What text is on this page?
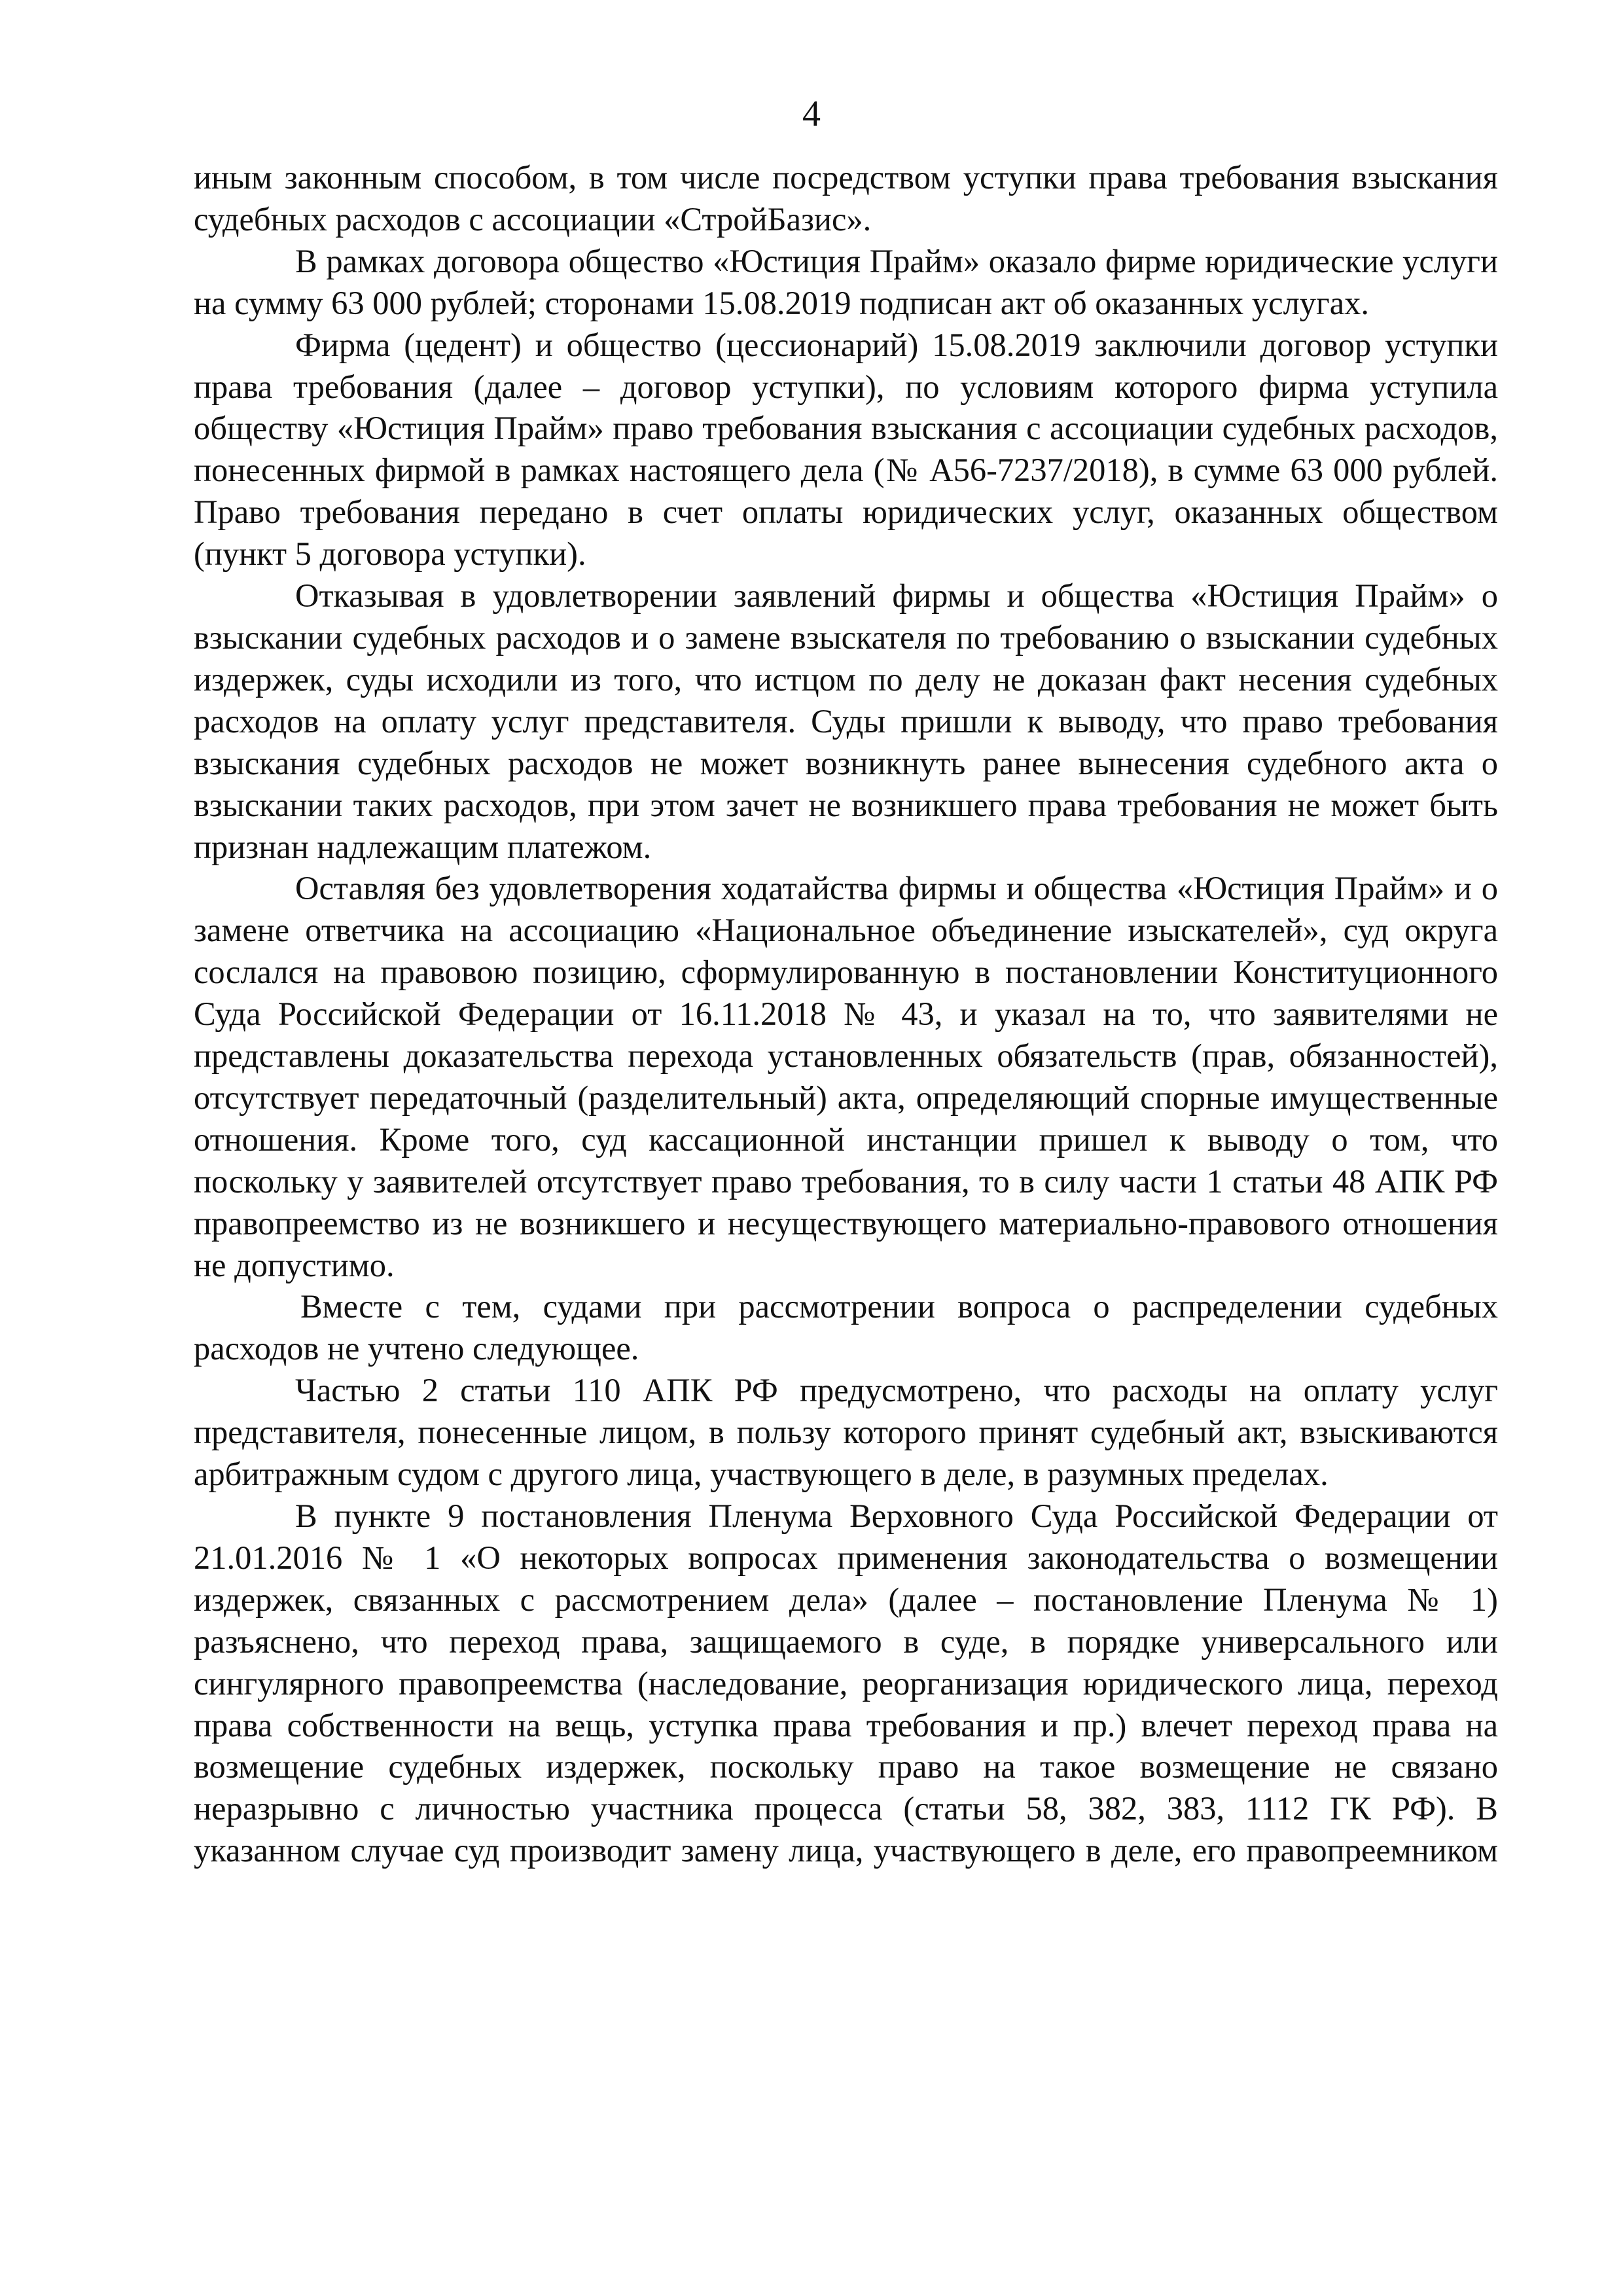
4

иным законным способом, в том числе посредством уступки права требования взыскания судебных расходов с ассоциации «СтройБазис».

В рамках договора общество «Юстиция Прайм» оказало фирме юридические услуги на сумму 63 000 рублей; сторонами 15.08.2019 подписан акт об оказанных услугах.

Фирма (цедент) и общество (цессионарий) 15.08.2019 заключили договор уступки права требования (далее – договор уступки), по условиям которого фирма уступила обществу «Юстиция Прайм» право требования взыскания с ассоциации судебных расходов, понесенных фирмой в рамках настоящего дела (№ А56-7237/2018), в сумме 63 000 рублей. Право требования передано в счет оплаты юридических услуг, оказанных обществом (пункт 5 договора уступки).

Отказывая в удовлетворении заявлений фирмы и общества «Юстиция Прайм» о взыскании судебных расходов и о замене взыскателя по требованию о взыскании судебных издержек, суды исходили из того, что истцом по делу не доказан факт несения судебных расходов на оплату услуг представителя. Суды пришли к выводу, что право требования взыскания судебных расходов не может возникнуть ранее вынесения судебного акта о взыскании таких расходов, при этом зачет не возникшего права требования не может быть признан надлежащим платежом.

Оставляя без удовлетворения ходатайства фирмы и общества «Юстиция Прайм» и о замене ответчика на ассоциацию «Национальное объединение изыскателей», суд округа сослался на правовою позицию, сформулированную в постановлении Конституционного Суда Российской Федерации от 16.11.2018 № 43, и указал на то, что заявителями не представлены доказательства перехода установленных обязательств (прав, обязанностей), отсутствует передаточный (разделительный) акта, определяющий спорные имущественные отношения. Кроме того, суд кассационной инстанции пришел к выводу о том, что поскольку у заявителей отсутствует право требования, то в силу части 1 статьи 48 АПК РФ правопреемство из не возникшего и несуществующего материально-правового отношения не допустимо.

Вместе с тем, судами при рассмотрении вопроса о распределении судебных расходов не учтено следующее.

Частью 2 статьи 110 АПК РФ предусмотрено, что расходы на оплату услуг представителя, понесенные лицом, в пользу которого принят судебный акт, взыскиваются арбитражным судом с другого лица, участвующего в деле, в разумных пределах.

В пункте 9 постановления Пленума Верховного Суда Российской Федерации от 21.01.2016 № 1 «О некоторых вопросах применения законодательства о возмещении издержек, связанных с рассмотрением дела» (далее – постановление Пленума № 1) разъяснено, что переход права, защищаемого в суде, в порядке универсального или сингулярного правопреемства (наследование, реорганизация юридического лица, переход права собственности на вещь, уступка права требования и пр.) влечет переход права на возмещение судебных издержек, поскольку право на такое возмещение не связано неразрывно с личностью участника процесса (статьи 58, 382, 383, 1112 ГК РФ). В указанном случае суд производит замену лица, участвующего в деле, его правопреемником
